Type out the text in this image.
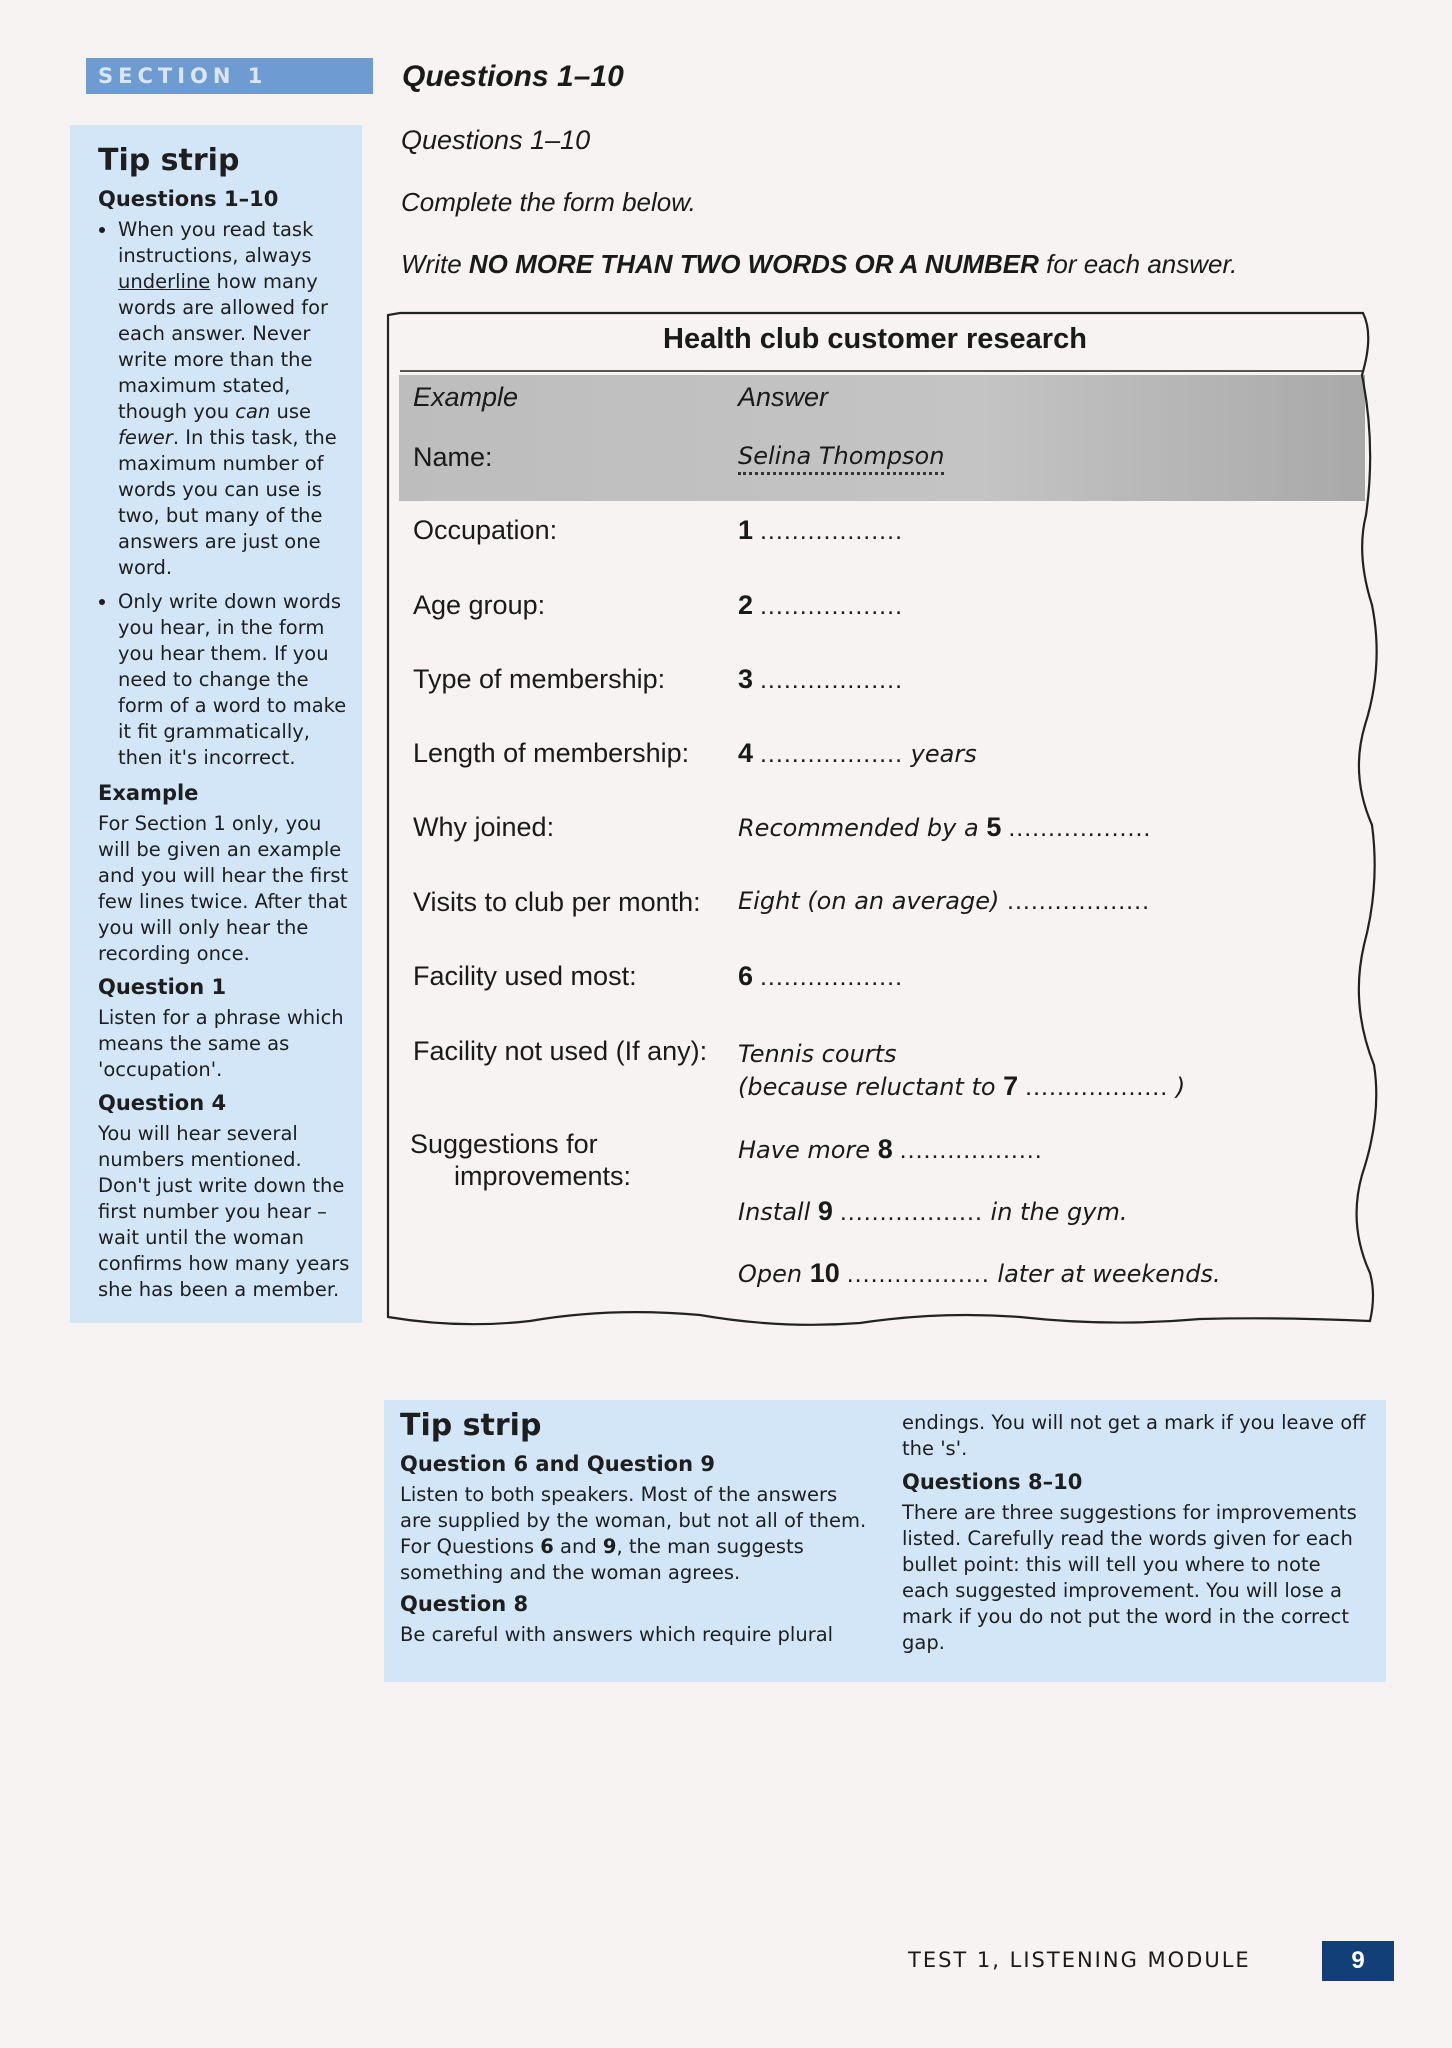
SECTION 1
Tip strip
Questions 1–10
• When you read task instructions, always underline how many words are allowed for each answer. Never write more than the maximum stated, though you can use fewer. In this task, the maximum number of words you can use is two, but many of the answers are just one word.
• Only write down words you hear, in the form you hear them. If you need to change the form of a word to make it fit grammatically, then it's incorrect.
Example

For Section 1 only, you will be given an example and you will hear the first few lines twice. After that you will only hear the recording once.

Question 1

Listen for a phrase which means the same as 'occupation'.

Question 4

You will hear several numbers mentioned. Don't just write down the first number you hear – wait until the woman confirms how many years she has been a member.

Questions 1–10
Questions 1–10
Complete the form below.
Write NO MORE THAN TWO WORDS OR A NUMBER for each answer.
Health club customer research
Example	Answer
Name:	Selina Thompson
Occupation:	1 ..................
Age group:	2 ..................
Type of membership:	3 ..................
Length of membership: 4 .................. years
Why joined:	Recommended by a 5 ..................
Visits to club per month: Eight (on an average) ..................
Facility used most:	6 ..................
Facility not used (If any): Tennis courts
(because reluctant to 7 .................. )
Suggestions for
improvements:
Have more 8 ..................
Install 9 .................. in the gym.
Open 10 .................. later at weekends.
Tip strip
Question 6 and Question 9

Listen to both speakers. Most of the answers are supplied by the woman, but not all of them. For Questions 6 and 9, the man suggests something and the woman agrees.

Question 8

Be careful with answers which require plural

endings. You will not get a mark if you leave off the 's'.

Questions 8–10

There are three suggestions for improvements listed. Carefully read the words given for each bullet point: this will tell you where to note each suggested improvement. You will lose a mark if you do not put the word in the correct gap.

TEST 1, LISTENING MODULE	9
